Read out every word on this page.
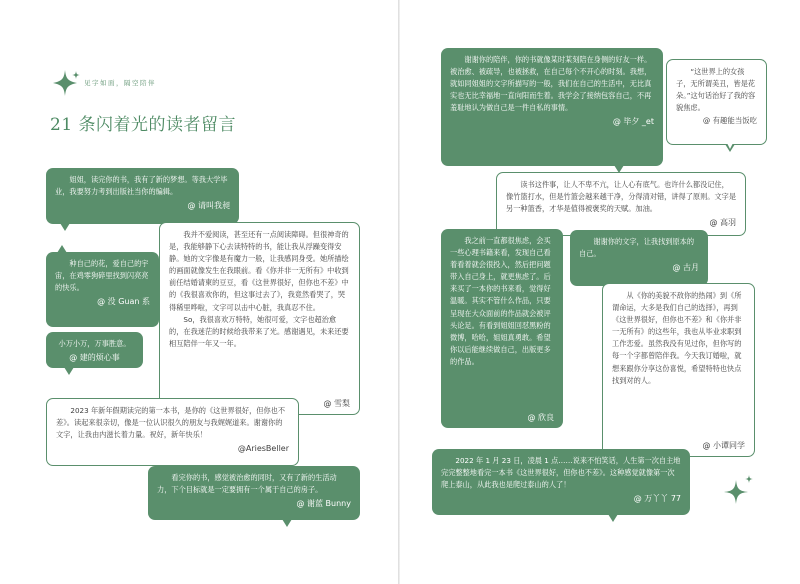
见字如面，隔空陪伴
21 条闪着光的读者留言

姐姐，读完你的书，我有了新的梦想。等我大学毕业，我要努力考到出版社当你的编辑。

@ 请叫我昶

我并不爱阅读，甚至还有一点阅读障碍。但很神奇的是，我能够静下心去读特特的书，能让我从浮躁变得安静。她的文字像是有魔力一般，让我感同身受。她所描绘的画面就像发生在我眼前。看《你并非一无所有》中收到前任结婚请柬的豆豆，看《这世界很好，但你也不差》中的《我很喜欢你的，但这事过去了》，我竟然看哭了，哭得稀里哗啦，文字可以击中心脏，我真忍不住。

So，我很喜欢万特特，她很可爱，文字也超治愈的，在我迷茫的时候给我带来了光。感谢遇见，未来还要相互陪伴一年又一年。

@ 雪梨

种自己的花，爱自己的宇宙，在鸡零狗碎里找到闪亮亮的快乐。

@ 没 Guan 系

小万小万，万事胜意。

@ 建的烦心事

2023 年新年假期读完的第一本书，是你的《这世界很好，但你也不差》。读起来很亲切，像是一位认识很久的朋友与我娓娓道来。谢谢你的文字，让我由内滋长着力量。祝好，新年快乐！

@AriesBeller

看完你的书，感觉被治愈的同时，又有了新的生活动力，下个目标就是一定要拥有一个属于自己的房子。

@ 谢蓝 Bunny

谢谢你的陪伴，你的书就像某时某刻陪在身侧的好友一样。被治愈、被疏导，也被拯救，在自己每个不开心的时刻。我想，就如同姐姐的文字所描写的一般，我们在自己的生活中，无比真实也无比幸福地一直向阳而生着。我学会了接纳包容自己，不再羞耻地认为做自己是一件自私的事情。

@ 毕夕 _et

“这世界上的女孩子，无所谓美丑，皆是花朵。”这句话治好了我的容貌焦虑。

@ 有趣能当饭吃

读书这件事，让人不卑不亢，让人心有底气。也许什么都没记住，像竹篮打水，但是竹篮会越来越干净，分得清对错，讲得了原则。文字是另一种篮香，才华是值得被褒奖的天赋。加油。

@ 高羽

谢谢你的文字，让我找到原本的自己。

@ 古月

我之前一直都很焦虑，会买一些心理书籍来看，发现自己看着看着就会很投入，然后把问题带入自己身上，就更焦虑了。后来买了一本你的书来看，觉得好温暖。其实不管什么作品，只要呈现在大众面前的作品就会被评头论足。有看到姐姐回怼黑粉的微博，哈哈，姐姐真勇敢。希望你以后能继续做自己，出版更多的作品。

@ 欣良

从《你的美貌不敌你的热闹》到《所谓命运，大多是我们自己的选择》，再到《这世界很好，但你也不差》和《你并非一无所有》的这些年，我也从毕业求职到工作恋爱。虽然我没有见过你，但你写的每一个字都曾陪伴我。今天我订婚啦，就想来跟你分享这份喜悦，希望特特也快点找到对的人。

@ 小谭同学

2022 年 1 月 23 日，凌晨 1 点……说来不怕笑话，人生第一次自主地完完整整地看完一本书《这世界很好，但你也不差》。这种感觉就像第一次爬上泰山，从此我也是爬过泰山的人了！

@ 万丫丫 77
